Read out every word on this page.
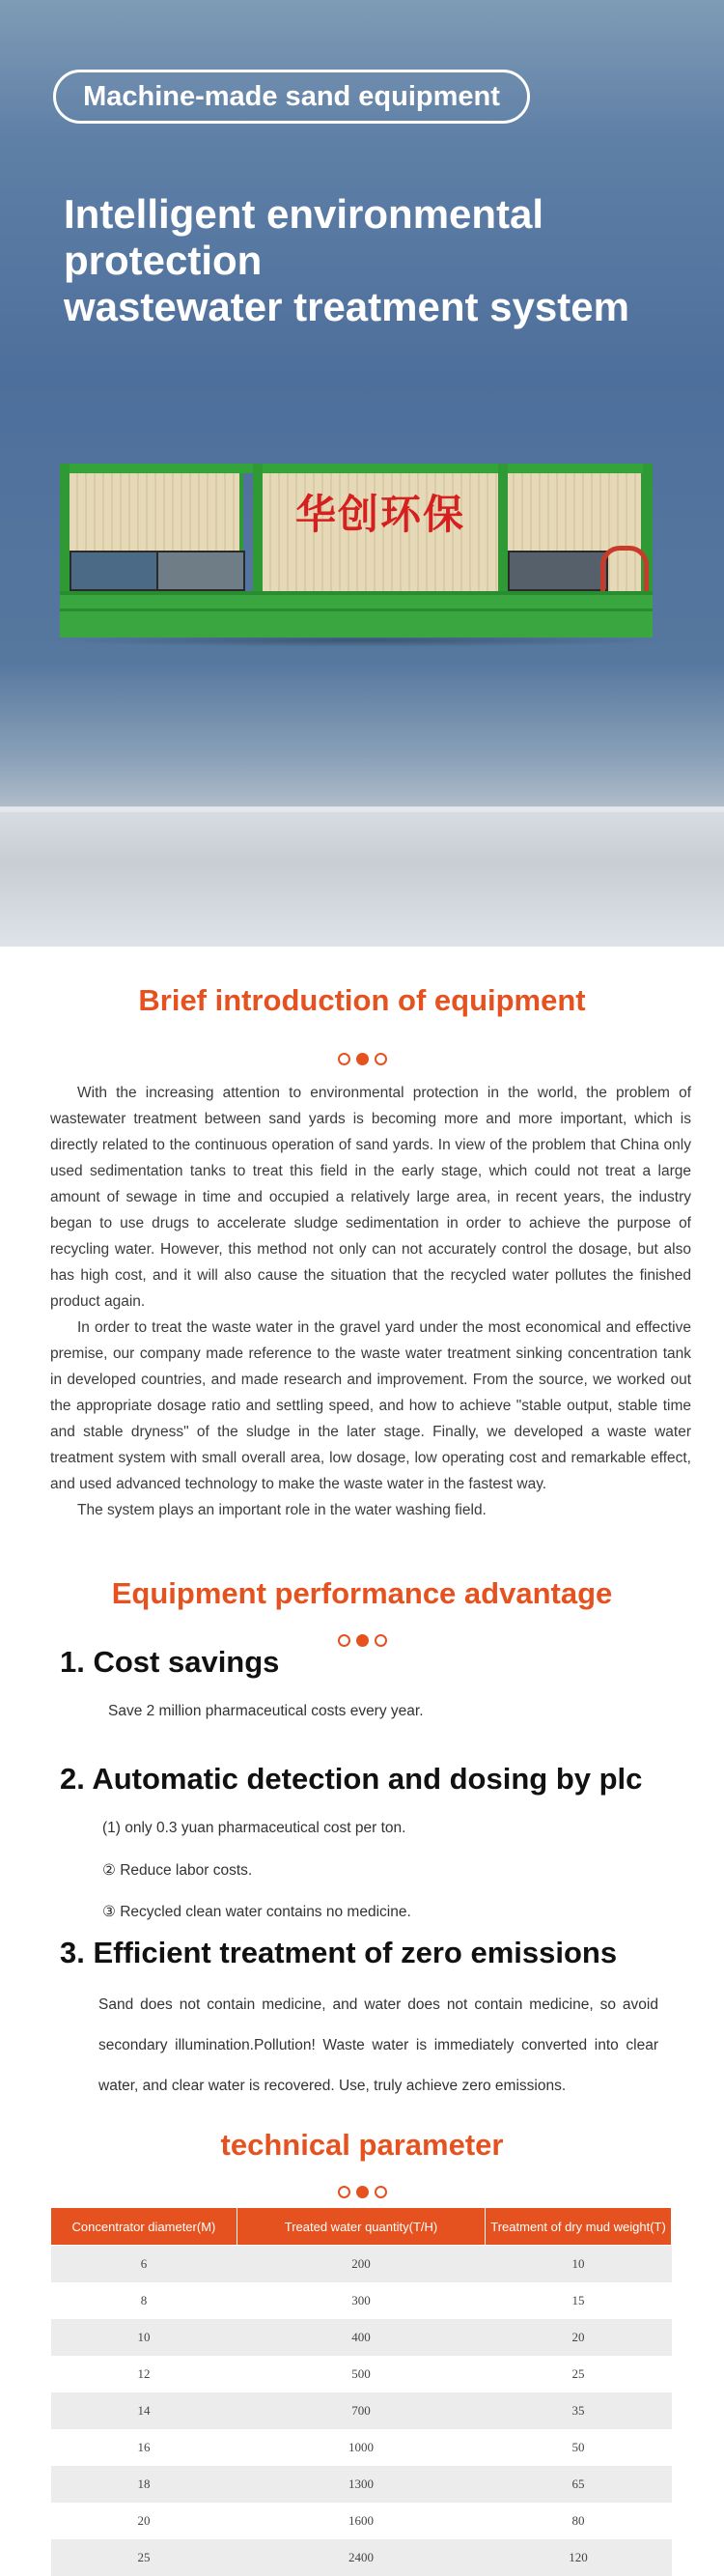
Machine-made sand equipment
Intelligent environmental
protection
wastewater treatment system
华创环保
Brief introduction of equipment

With the increasing attention to environmental protection in the world, the problem of wastewater treatment between sand yards is becoming more and more important, which is directly related to the continuous operation of sand yards. In view of the problem that China only used sedimentation tanks to treat this field in the early stage, which could not treat a large amount of sewage in time and occupied a relatively large area, in recent years, the industry began to use drugs to accelerate sludge sedimentation in order to achieve the purpose of recycling water. However, this method not only can not accurately control the dosage, but also has high cost, and it will also cause the situation that the recycled water pollutes the finished product again.

In order to treat the waste water in the gravel yard under the most economical and effective premise, our company made reference to the waste water treatment sinking concentration tank in developed countries, and made research and improvement. From the source, we worked out the appropriate dosage ratio and settling speed, and how to achieve "stable output, stable time and stable dryness" of the sludge in the later stage. Finally, we developed a waste water treatment system with small overall area, low dosage, low operating cost and remarkable effect, and used advanced technology to make the waste water in the fastest way.

The system plays an important role in the water washing field.

Equipment performance advantage
1. Cost savings
Save 2 million pharmaceutical costs every year.
2. Automatic detection and dosing by plc
(1) only 0.3 yuan pharmaceutical cost per ton.
② Reduce labor costs.
③ Recycled clean water contains no medicine.
3. Efficient treatment of zero emissions
Sand does not contain medicine, and water does not contain medicine, so avoid secondary illumination.Pollution! Waste water is immediately converted into clear water, and clear water is recovered. Use, truly achieve zero emissions.
technical parameter
Concentrator diameter(M)	Treated water quantity(T/H)	Treatment of dry mud weight(T)
6	200	10
8	300	15
10	400	20
12	500	25
14	700	35
16	1000	50
18	1300	65
20	1600	80
25	2400	120
